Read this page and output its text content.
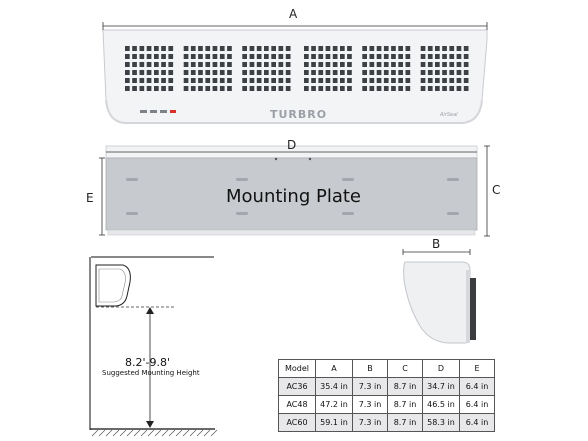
A
D
E
C
B
TURBRO	AirSeal
Mounting Plate
8.2'-9.8'
Suggested Mounting Height	Model	A	B	C	D	E
AC36	35.4 in	7.3 in	8.7 in	34.7 in	6.4 in
AC48	47.2 in	7.3 in	8.7 in	46.5 in	6.4 in
AC60	59.1 in	7.3 in	8.7 in	58.3 in	6.4 in
